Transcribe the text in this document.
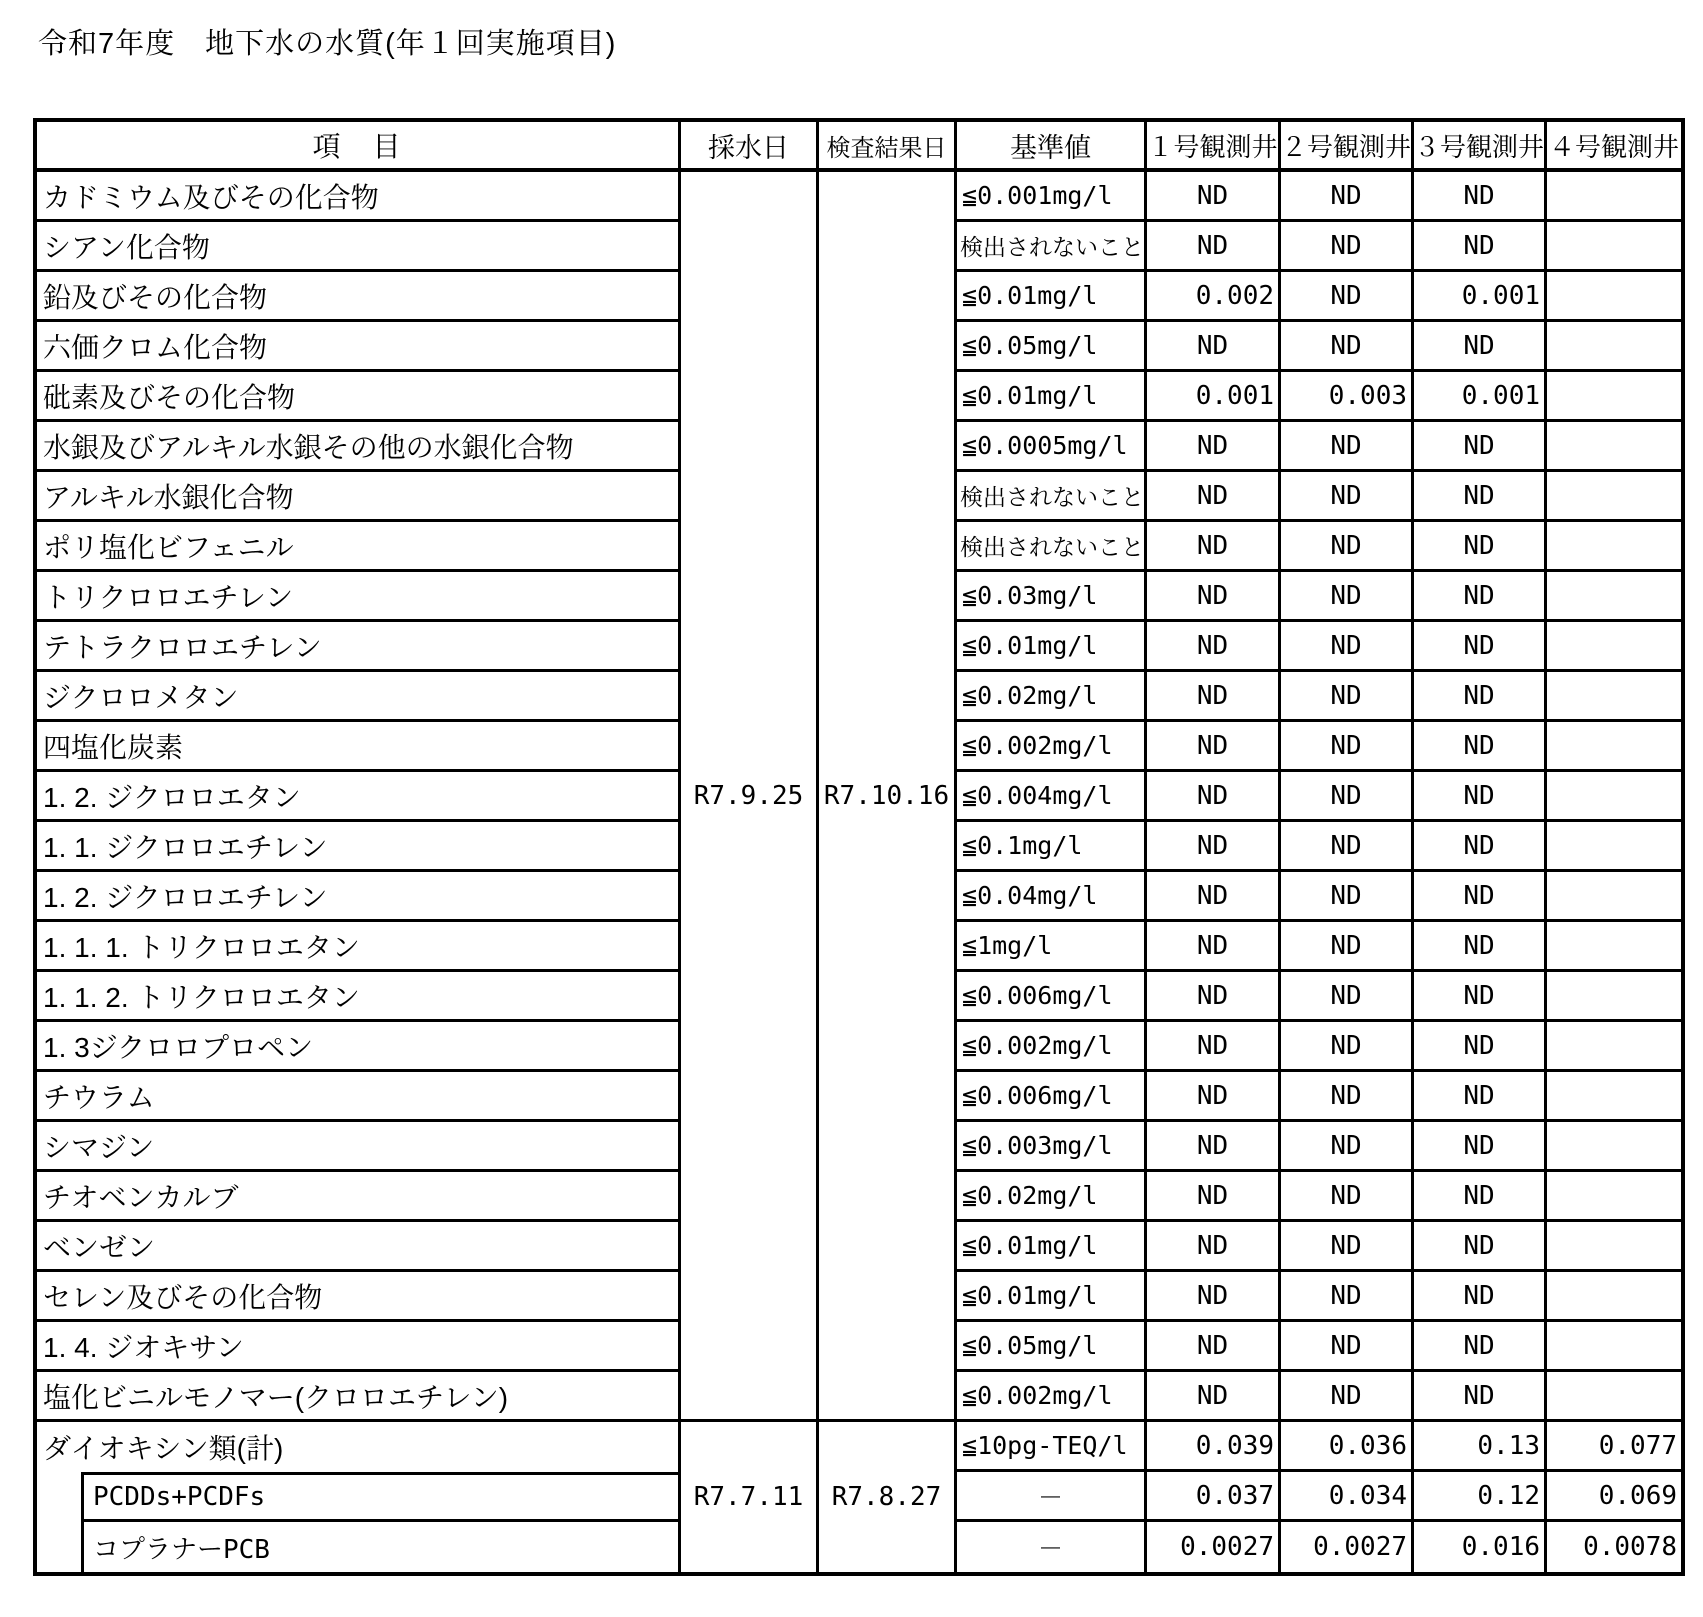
令和7年度　地下水の水質(年１回実施項目)
項　目		採水日	検査結果日	基準値	１号観測井	２号観測井	３号観測井	４号観測井
カドミウム及びその化合物		R7.9.25	R7.10.16	≦0.001mg/l	ND	ND	ND	
シアン化合物				検出されないこと	ND	ND	ND	
鉛及びその化合物				≦0.01mg/l	0.002	ND	0.001	
六価クロム化合物				≦0.05mg/l	ND	ND	ND	
砒素及びその化合物				≦0.01mg/l	0.001	0.003	0.001	
水銀及びアルキル水銀その他の水銀化合物				≦0.0005mg/l	ND	ND	ND	
アルキル水銀化合物				検出されないこと	ND	ND	ND	
ポリ塩化ビフェニル				検出されないこと	ND	ND	ND	
トリクロロエチレン				≦0.03mg/l	ND	ND	ND	
テトラクロロエチレン				≦0.01mg/l	ND	ND	ND	
ジクロロメタン				≦0.02mg/l	ND	ND	ND	
四塩化炭素				≦0.002mg/l	ND	ND	ND	
1. 2. ジクロロエタン				≦0.004mg/l	ND	ND	ND	
1. 1. ジクロロエチレン				≦0.1mg/l	ND	ND	ND	
1. 2. ジクロロエチレン				≦0.04mg/l	ND	ND	ND	
1. 1. 1. トリクロロエタン				≦1mg/l	ND	ND	ND	
1. 1. 2. トリクロロエタン				≦0.006mg/l	ND	ND	ND	
1. 3ジクロロプロペン				≦0.002mg/l	ND	ND	ND	
チウラム				≦0.006mg/l	ND	ND	ND	
シマジン				≦0.003mg/l	ND	ND	ND	
チオベンカルブ				≦0.02mg/l	ND	ND	ND	
ベンゼン				≦0.01mg/l	ND	ND	ND	
セレン及びその化合物				≦0.01mg/l	ND	ND	ND	
1. 4. ジオキサン				≦0.05mg/l	ND	ND	ND	
塩化ビニルモノマー(クロロエチレン)				≦0.002mg/l	ND	ND	ND	
ダイオキシン類(計)		R7.7.11	R7.8.27	≦10pg-TEQ/l	0.039	0.036	0.13	0.077
	PCDDs+PCDFs			－	0.037	0.034	0.12	0.069
	コプラナーPCB			－	0.0027	0.0027	0.016	0.0078
